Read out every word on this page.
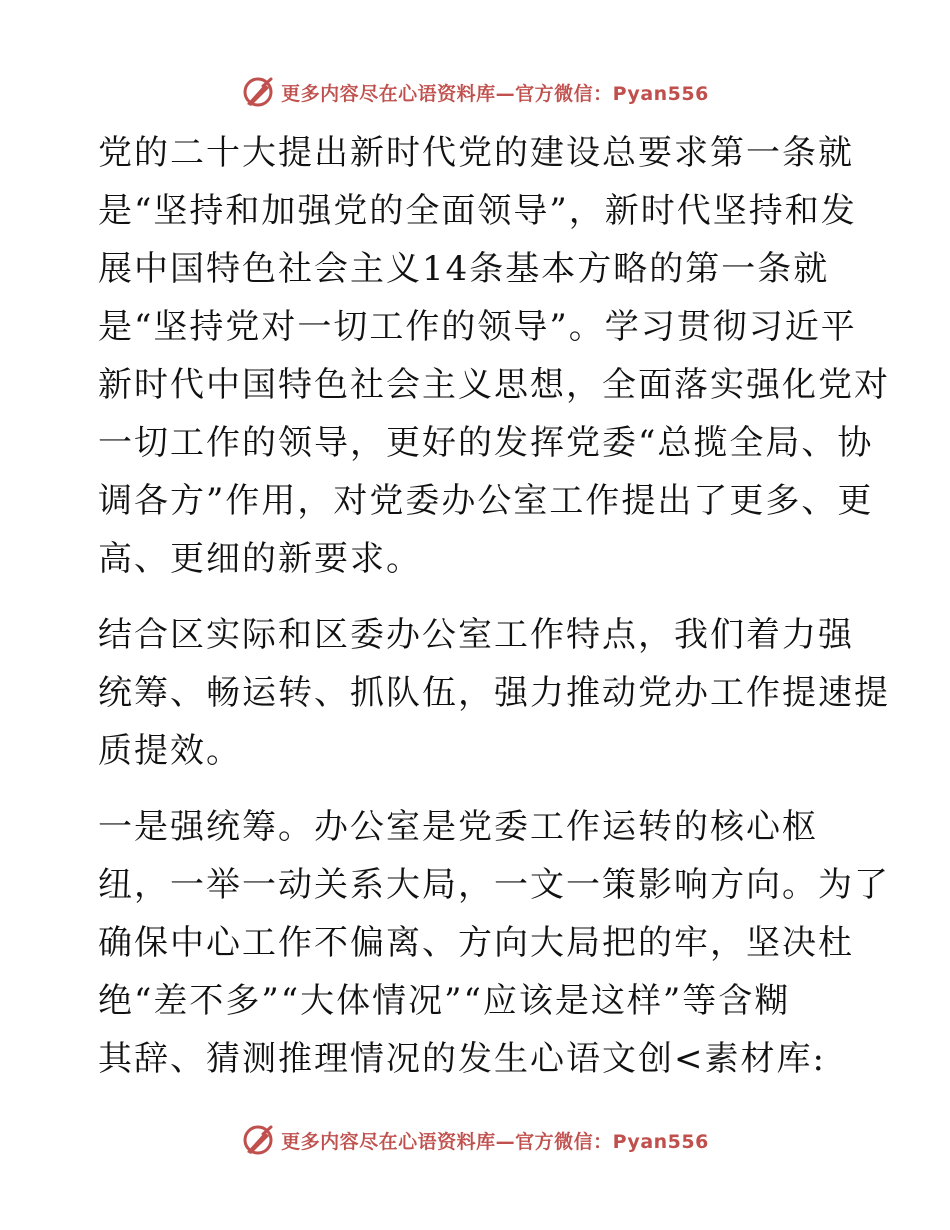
更多内容尽在心语资料库—官方微信：Pyan556

党的二十大提出新时代党的建设总要求第一条就
是“坚持和加强党的全面领导”，新时代坚持和发
展中国特色社会主义14条基本方略的第一条就
是“坚持党对一切工作的领导”。学习贯彻习近平
新时代中国特色社会主义思想，全面落实强化党对
一切工作的领导，更好的发挥党委“总揽全局、协
调各方”作用，对党委办公室工作提出了更多、更
高、更细的新要求。

结合区实际和区委办公室工作特点，我们着力强
统筹、畅运转、抓队伍，强力推动党办工作提速提
质提效。

一是强统筹。办公室是党委工作运转的核心枢
纽，一举一动关系大局，一文一策影响方向。为了
确保中心工作不偏离、方向大局把的牢，坚决杜
绝“差不多”“大体情况”“应该是这样”等含糊
其辞、猜测推理情况的发生心语文创<素材库:

更多内容尽在心语资料库—官方微信：Pyan556
